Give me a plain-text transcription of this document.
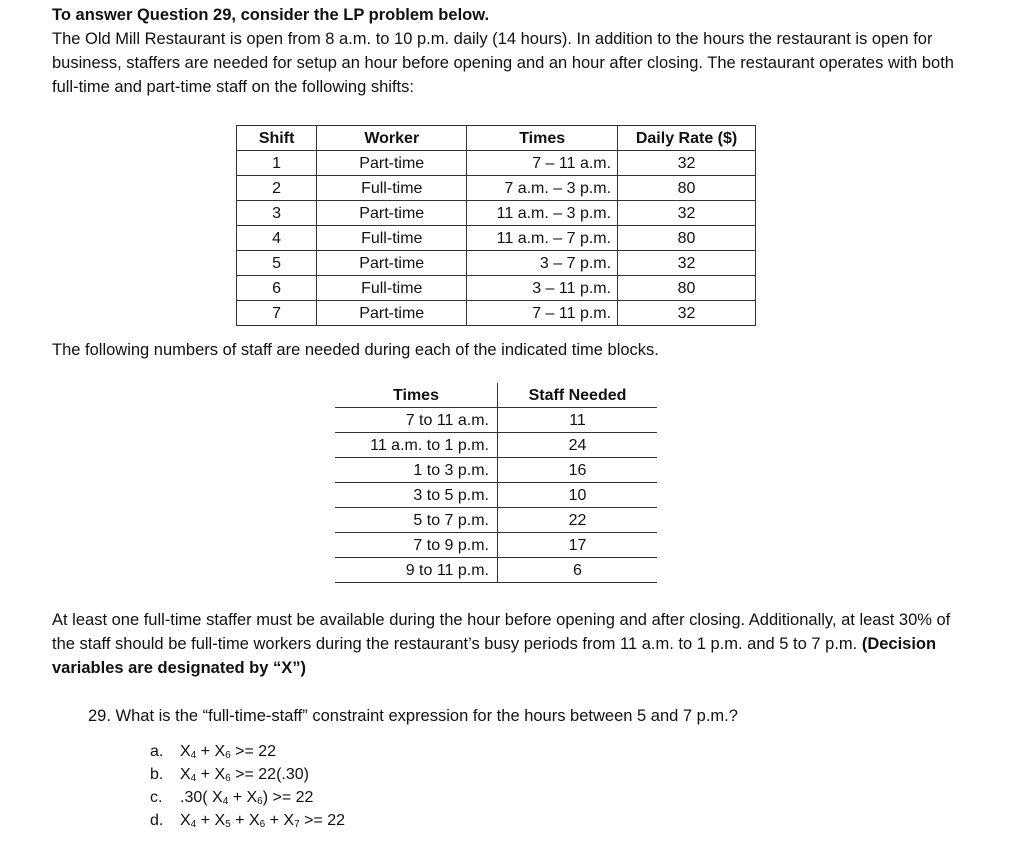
To answer Question 29, consider the LP problem below.

The Old Mill Restaurant is open from 8 a.m. to 10 p.m. daily (14 hours). In addition to the hours the restaurant is open for business, staffers are needed for setup an hour before opening and an hour after closing. The restaurant operates with both full-time and part-time staff on the following shifts:

Shift	Worker	Times	Daily Rate ($)
1	Part-time	7 – 11 a.m.	32
2	Full-time	7 a.m. – 3 p.m.	80
3	Part-time	11 a.m. – 3 p.m.	32
4	Full-time	11 a.m. – 7 p.m.	80
5	Part-time	3 – 7 p.m.	32
6	Full-time	3 – 11 p.m.	80
7	Part-time	7 – 11 p.m.	32

The following numbers of staff are needed during each of the indicated time blocks.

Times	Staff Needed
7 to 11 a.m.	11
11 a.m. to 1 p.m.	24
1 to 3 p.m.	16
3 to 5 p.m.	10
5 to 7 p.m.	22
7 to 9 p.m.	17
9 to 11 p.m.	6

At least one full-time staffer must be available during the hour before opening and after closing. Additionally, at least 30% of the staff should be full-time workers during the restaurant’s busy periods from 11 a.m. to 1 p.m. and 5 to 7 p.m. (Decision variables are designated by “X”)

29. What is the “full-time-staff” constraint expression for the hours between 5 and 7 p.m.?

a. $X_4 + X_6 >= 22$
b. $X_4 + X_6 >= 22(.30)$
c. .30( $X_4 + X_6) >= 22$
d. $X_4 + X_5 + X_6 + X_7 >= 22$
